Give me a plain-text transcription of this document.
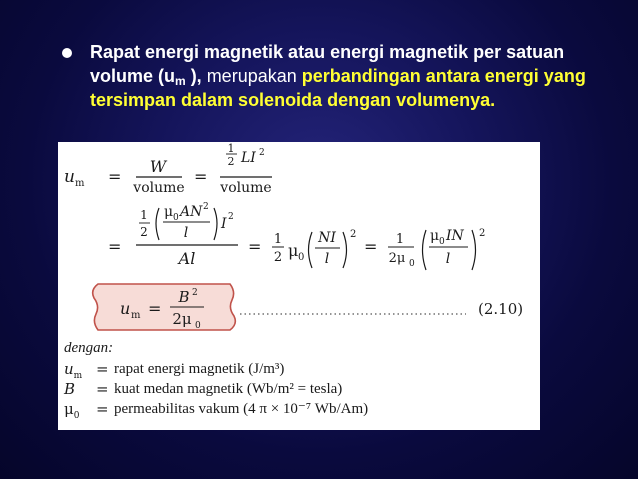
Rapat energi magnetik atau energi magnetik per satuan volume ($u_m$ ), merupakan perbandingan antara energi yang tersimpan dalam solenoida dengan volumenya.
u m =
W
volume
=
1
2 LI 2
volume
=
1
2
μ 0 AN 2
l
I 2
Al
= 1
2 μ 0
NI
l
2
= 1
2μ 0
μ 0 IN
l
2
u m =
B 2
2μ 0
(2.10)
dengan:
$u_m$ = rapat energi magnetik (J/m³)
B	= kuat medan magnetik (Wb/m² = tesla)
$\mu_0$	= permeabilitas vakum (4 π × 10⁻⁷ Wb/Am)
